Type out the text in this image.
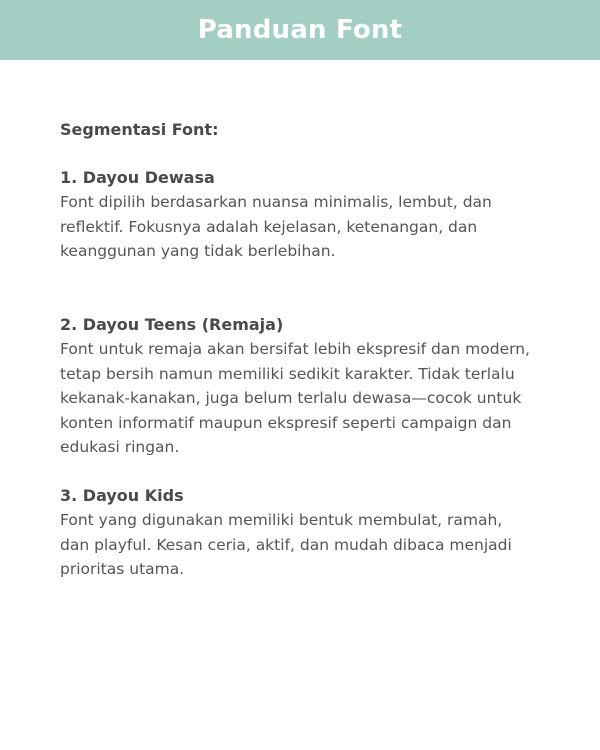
Panduan Font

Segmentasi Font:

1. Dayou Dewasa

Font dipilih berdasarkan nuansa minimalis, lembut, dan
reflektif. Fokusnya adalah kejelasan, ketenangan, dan
keanggunan yang tidak berlebihan.

2. Dayou Teens (Remaja)

Font untuk remaja akan bersifat lebih ekspresif dan modern,
tetap bersih namun memiliki sedikit karakter. Tidak terlalu
kekanak-kanakan, juga belum terlalu dewasa—cocok untuk
konten informatif maupun ekspresif seperti campaign dan
edukasi ringan.

3. Dayou Kids

Font yang digunakan memiliki bentuk membulat, ramah,
dan playful. Kesan ceria, aktif, dan mudah dibaca menjadi
prioritas utama.
